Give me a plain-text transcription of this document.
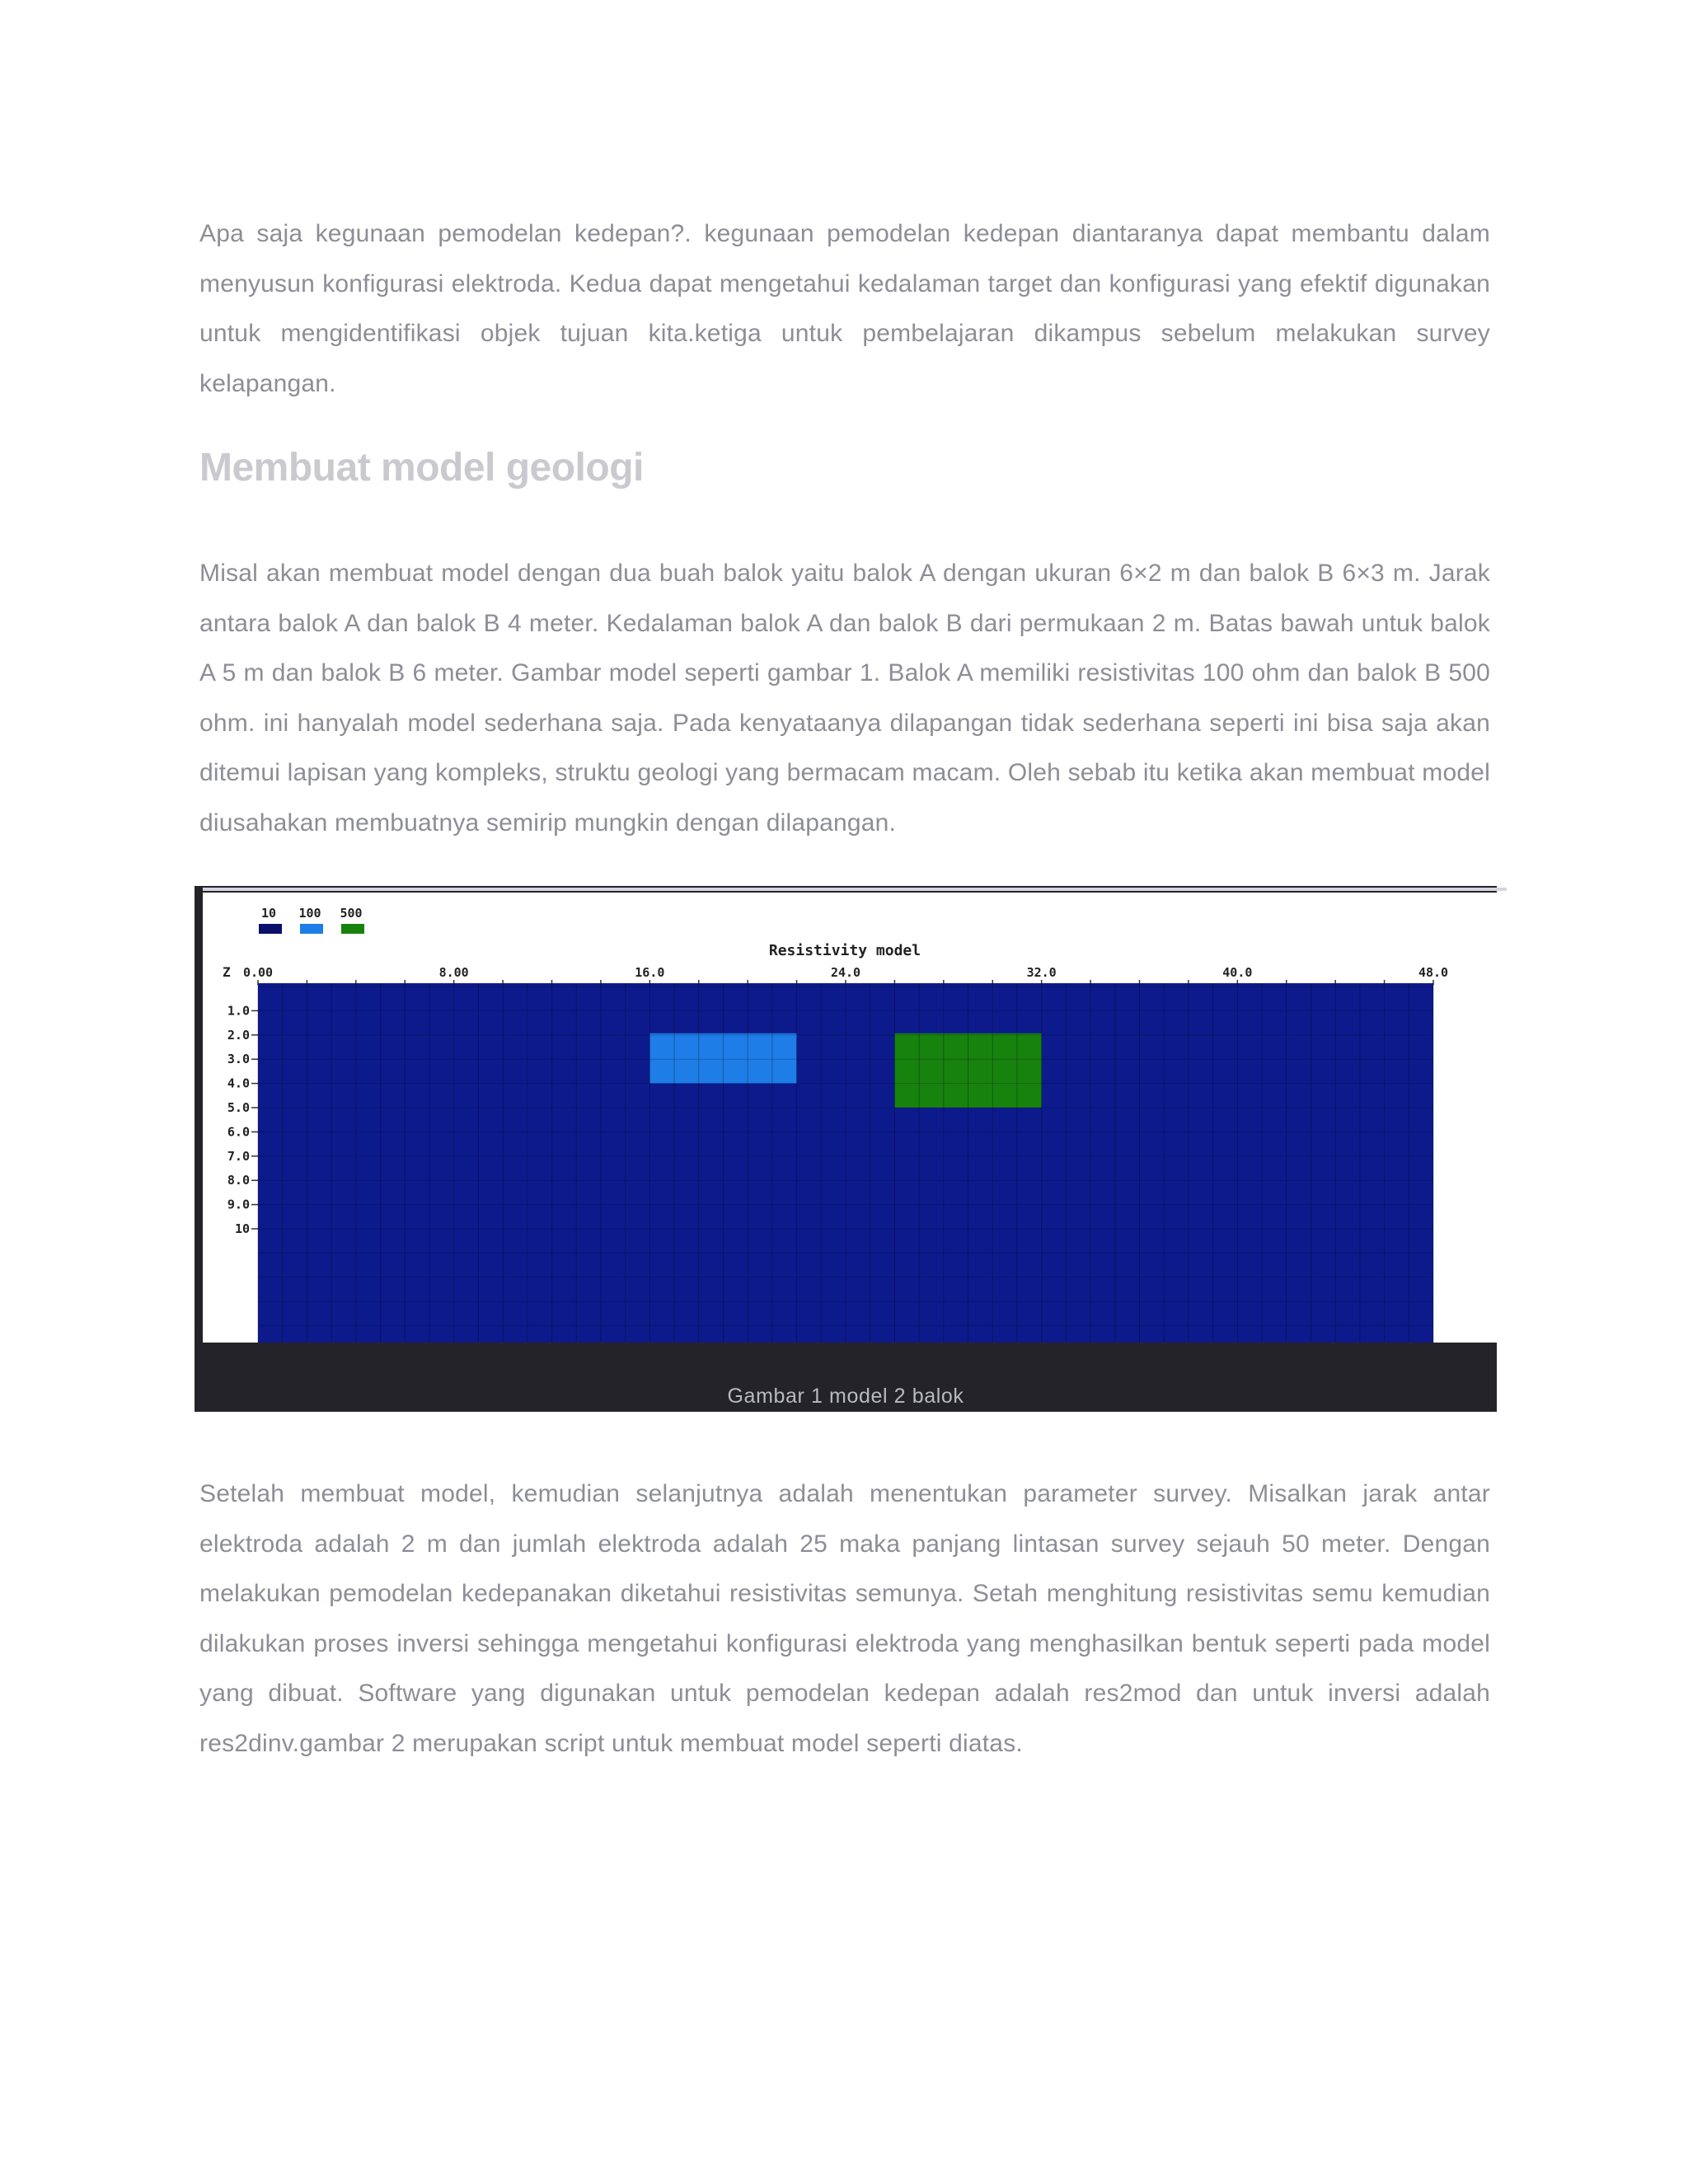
Apa saja kegunaan pemodelan kedepan?. kegunaan pemodelan kedepan diantaranya dapat membantu dalam menyusun konfigurasi elektroda. Kedua dapat mengetahui kedalaman target dan konfigurasi yang efektif digunakan untuk mengidentifikasi objek tujuan kita.ketiga untuk pembelajaran dikampus sebelum melakukan survey kelapangan.

Membuat model geologi

Misal akan membuat model dengan dua buah balok yaitu balok A dengan ukuran 6×2 m dan balok B 6×3 m. Jarak antara balok A dan balok B 4 meter. Kedalaman balok A dan balok B dari permukaan 2 m. Batas bawah untuk balok A 5 m dan balok B 6 meter. Gambar model seperti gambar 1. Balok A memiliki resistivitas 100 ohm dan balok B 500 ohm. ini hanyalah model sederhana saja. Pada kenyataanya dilapangan tidak sederhana seperti ini bisa saja akan ditemui lapisan yang kompleks, struktu geologi yang bermacam macam. Oleh sebab itu ketika akan membuat model diusahakan membuatnya semirip mungkin dengan dilapangan.

10 100 500
Resistivity model
Z 0.00	8.00	16.0	24.0	32.0	40.0	48.0
1.0
2.0
3.0
4.0
5.0
6.0
7.0
8.0
9.0
10
Gambar 1 model 2 balok

Setelah membuat model, kemudian selanjutnya adalah menentukan parameter survey. Misalkan jarak antar elektroda adalah 2 m dan jumlah elektroda adalah 25 maka panjang lintasan survey sejauh 50 meter. Dengan melakukan pemodelan kedepanakan diketahui resistivitas semunya. Setah menghitung resistivitas semu kemudian dilakukan proses inversi sehingga mengetahui konfigurasi elektroda yang menghasilkan bentuk seperti pada model yang dibuat. Software yang digunakan untuk pemodelan kedepan adalah res2mod dan untuk inversi adalah res2dinv.gambar 2 merupakan script untuk membuat model seperti diatas.
